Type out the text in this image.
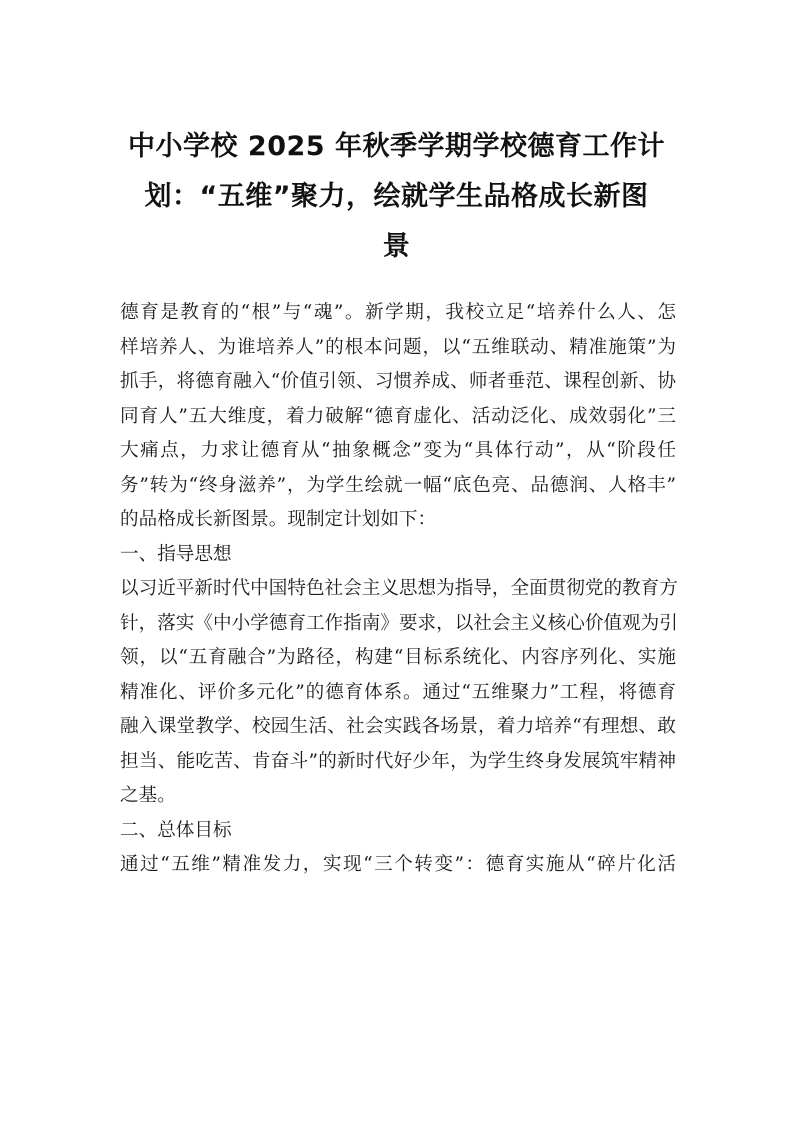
中小学校 2025 年秋季学期学校德育工作计
划：“五维”聚力，绘就学生品格成长新图
景
德育是教育的“根”与“魂”。新学期，我校立足“培养什么人、怎
样培养人、为谁培养人”的根本问题，以“五维联动、精准施策”为
抓手，将德育融入“价值引领、习惯养成、师者垂范、课程创新、协
同育人”五大维度，着力破解“德育虚化、活动泛化、成效弱化”三
大痛点，力求让德育从“抽象概念”变为“具体行动”，从“阶段任
务”转为“终身滋养”，为学生绘就一幅“底色亮、品德润、人格丰”
的品格成长新图景。现制定计划如下：
一、指导思想
以习近平新时代中国特色社会主义思想为指导，全面贯彻党的教育方
针，落实《中小学德育工作指南》要求，以社会主义核心价值观为引
领，以“五育融合”为路径，构建“目标系统化、内容序列化、实施
精准化、评价多元化”的德育体系。通过“五维聚力”工程，将德育
融入课堂教学、校园生活、社会实践各场景，着力培养“有理想、敢
担当、能吃苦、肯奋斗”的新时代好少年，为学生终身发展筑牢精神
之基。
二、总体目标
通过“五维”精准发力，实现“三个转变”：德育实施从“碎片化活
